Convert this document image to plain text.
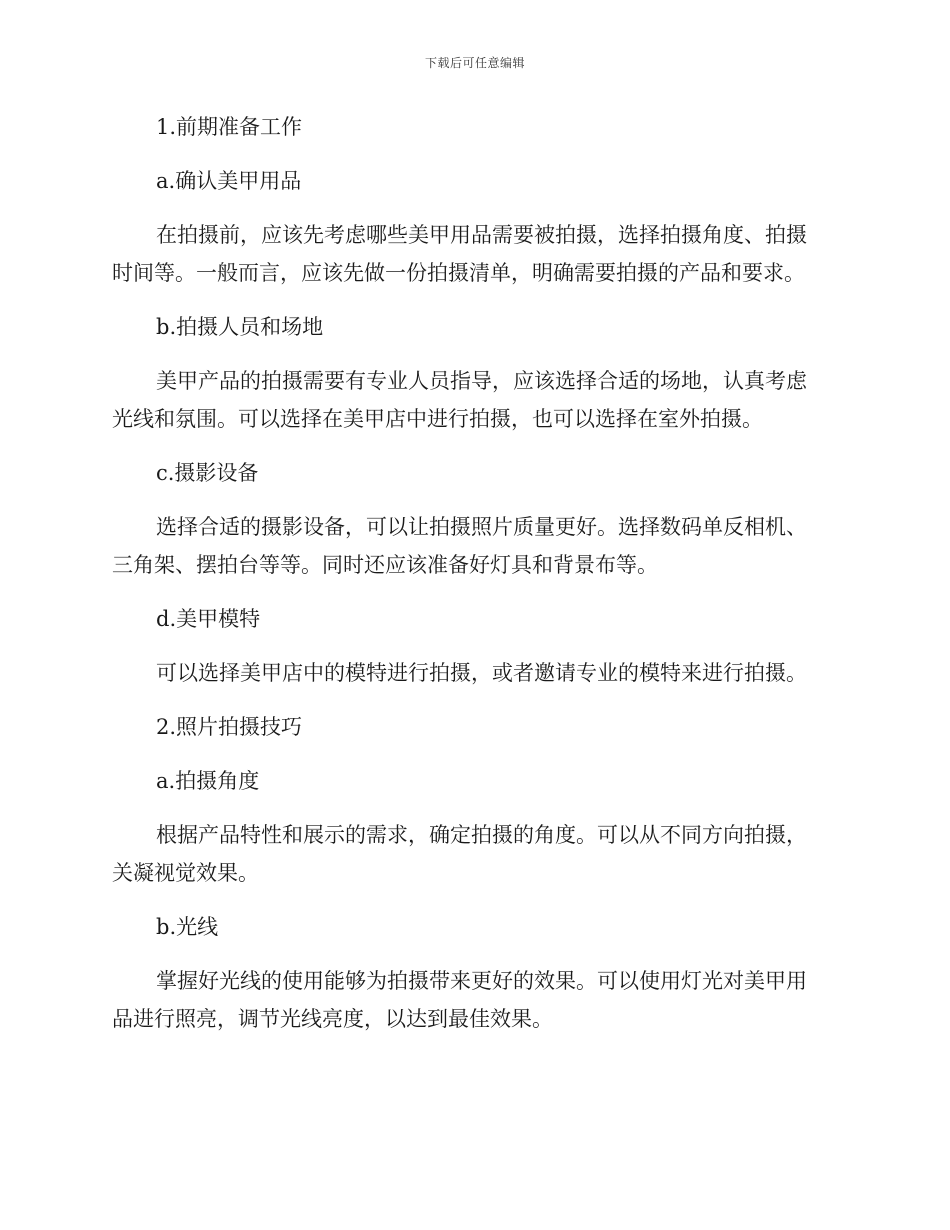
下载后可任意编辑

1.前期准备工作

a.确认美甲用品

在拍摄前，应该先考虑哪些美甲用品需要被拍摄，选择拍摄角度、拍摄

时间等。一般而言，应该先做一份拍摄清单，明确需要拍摄的产品和要求。

b.拍摄人员和场地

美甲产品的拍摄需要有专业人员指导，应该选择合适的场地，认真考虑

光线和氛围。可以选择在美甲店中进行拍摄，也可以选择在室外拍摄。

c.摄影设备

选择合适的摄影设备，可以让拍摄照片质量更好。选择数码单反相机、

三角架、摆拍台等等。同时还应该准备好灯具和背景布等。

d.美甲模特

可以选择美甲店中的模特进行拍摄，或者邀请专业的模特来进行拍摄。

2.照片拍摄技巧

a.拍摄角度

根据产品特性和展示的需求，确定拍摄的角度。可以从不同方向拍摄，

关凝视觉效果。

b.光线

掌握好光线的使用能够为拍摄带来更好的效果。可以使用灯光对美甲用

品进行照亮，调节光线亮度，以达到最佳效果。
